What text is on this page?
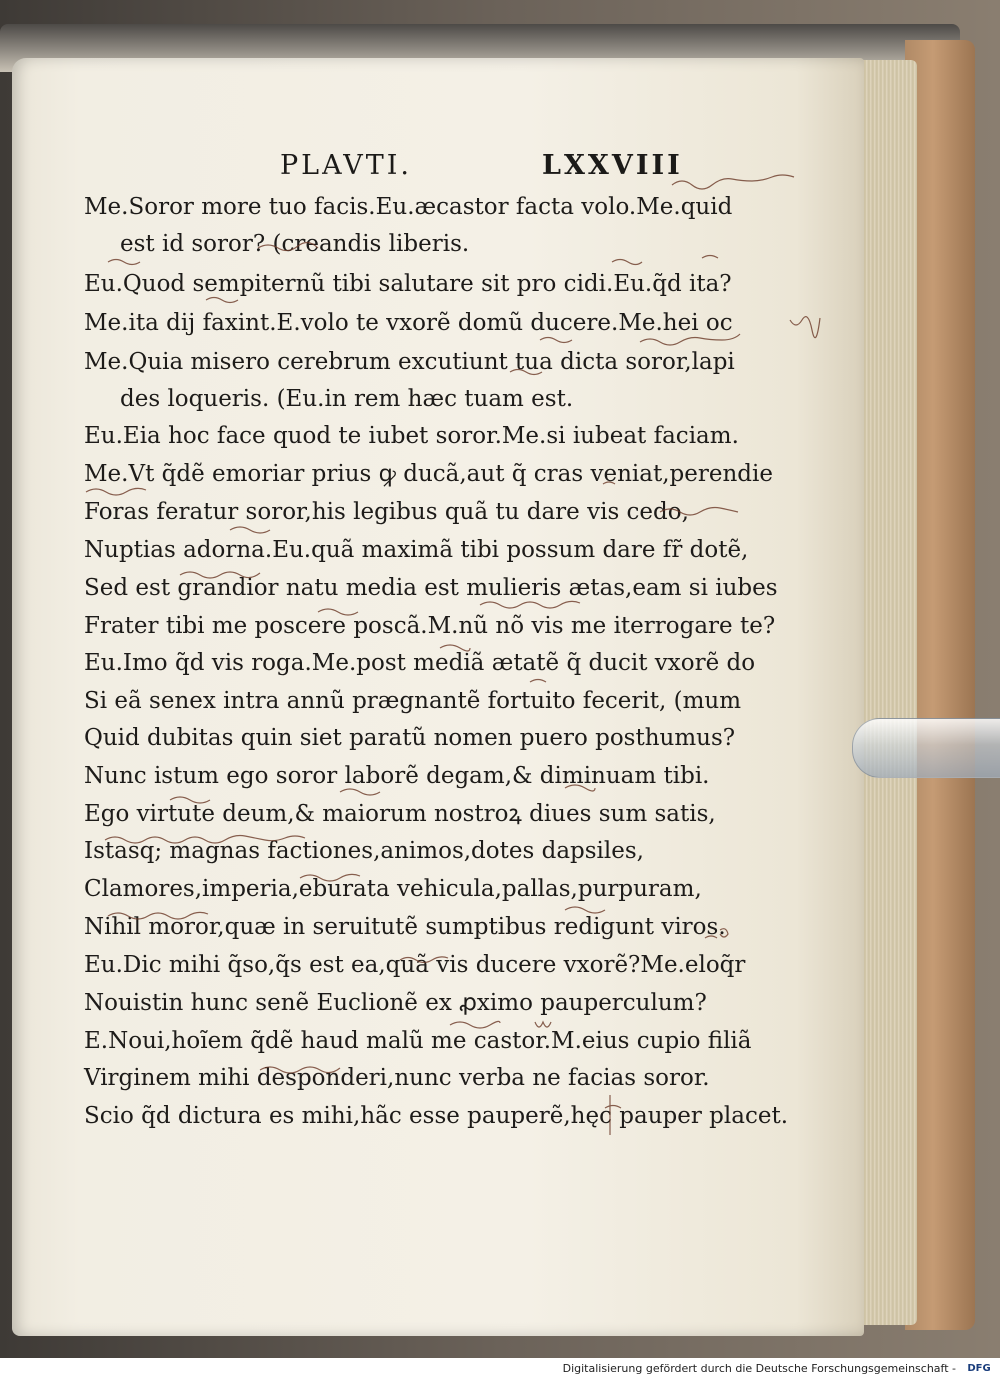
PLAVTI.	LXXVIII
Me.Soror more tuo facis.Eu.æcastor facta volo.Me.quid
est id soror? (creandis liberis.
Eu.Quod sempiternũ tibi salutare sit pro cidi.Eu.q̃d ita?
Me.ita dij faxint.E.volo te vxorẽ domũ ducere.Me.hei oc
Me.Quia misero cerebrum excutiunt tua dicta soror,lapi
des loqueris. (Eu.in rem hæc tuam est.
Eu.Eia hoc face quod te iubet soror.Me.si iubeat faciam.
Me.Vt q̃dẽ emoriar prius ꝙ ducã,aut q̃ cras veniat,perendie
Foras feratur soror,his legibus quã tu dare vis cedo,
Nuptias adorna.Eu.quã maximã tibi possum dare fr̃ dotẽ,
Sed est grandior natu media est mulieris ætas,eam si iubes
Frater tibi me poscere poscã.M.nũ nõ vis me iterrogare te?
Eu.Imo q̃d vis roga.Me.post mediã ætatẽ q̃ ducit vxorẽ do
Si eã senex intra annũ prægnantẽ fortuito fecerit, (mum
Quid dubitas quin siet paratũ nomen puero posthumus?
Nunc istum ego soror laborẽ degam,& diminuam tibi.
Ego virtute deum,& maiorum nostroꝝ diues sum satis,
Istasq; magnas factiones,animos,dotes dapsiles,
Clamores,imperia,eburata vehicula,pallas,purpuram,
Nihil moror,quæ in seruitutẽ sumptibus redigunt viros.
Eu.Dic mihi q̃so,q̃s est ea,quã vis ducere vxorẽ?Me.eloq̃r
Nouistin hunc senẽ Euclionẽ ex ꝓximo pauperculum?
E.Noui,hoĩem q̃dẽ haud malũ me castor.M.eius cupio filiã
Virginem mihi desponderi,nunc verba ne facias soror.
Scio q̃d dictura es mihi,hãc esse pauperẽ,hęc pauper placet.
Digitalisierung gefördert durch die Deutsche Forschungsgemeinschaft -	DFG
